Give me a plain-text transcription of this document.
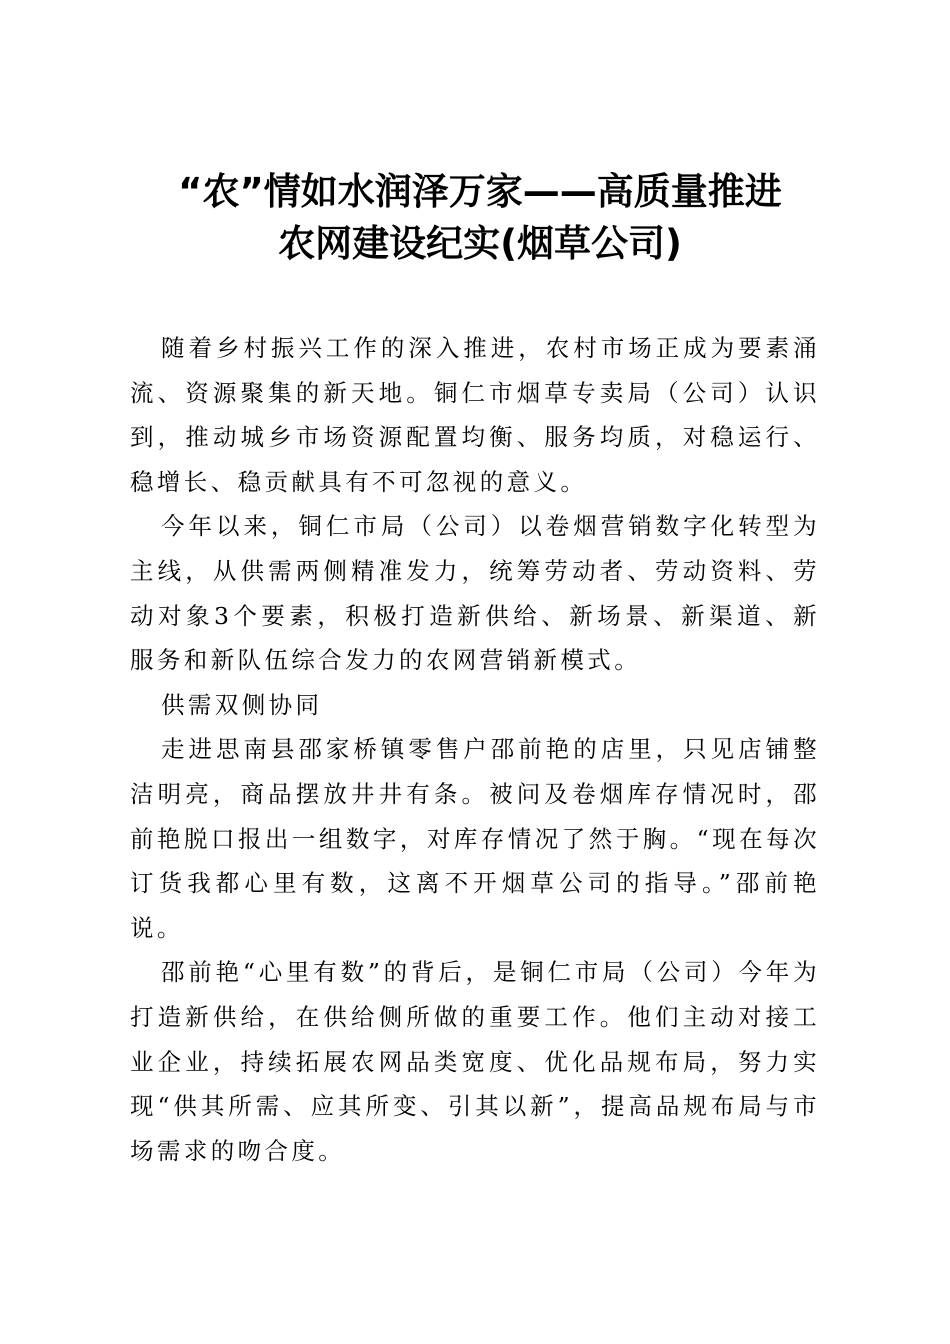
“农”情如水润泽万家——高质量推进
农网建设纪实(烟草公司)

随着乡村振兴工作的深入推进，农村市场正成为要素涌流、资源聚集的新天地。铜仁市烟草专卖局（公司）认识到，推动城乡市场资源配置均衡、服务均质，对稳运行、稳增长、稳贡献具有不可忽视的意义。

今年以来，铜仁市局（公司）以卷烟营销数字化转型为主线，从供需两侧精准发力，统筹劳动者、劳动资料、劳动对象3个要素，积极打造新供给、新场景、新渠道、新服务和新队伍综合发力的农网营销新模式。

供需双侧协同

走进思南县邵家桥镇零售户邵前艳的店里，只见店铺整洁明亮，商品摆放井井有条。被问及卷烟库存情况时，邵前艳脱口报出一组数字，对库存情况了然于胸。“现在每次订货我都心里有数，这离不开烟草公司的指导。”邵前艳说。

邵前艳“心里有数”的背后，是铜仁市局（公司）今年为打造新供给，在供给侧所做的重要工作。他们主动对接工业企业，持续拓展农网品类宽度、优化品规布局，努力实现“供其所需、应其所变、引其以新”，提高品规布局与市场需求的吻合度。
